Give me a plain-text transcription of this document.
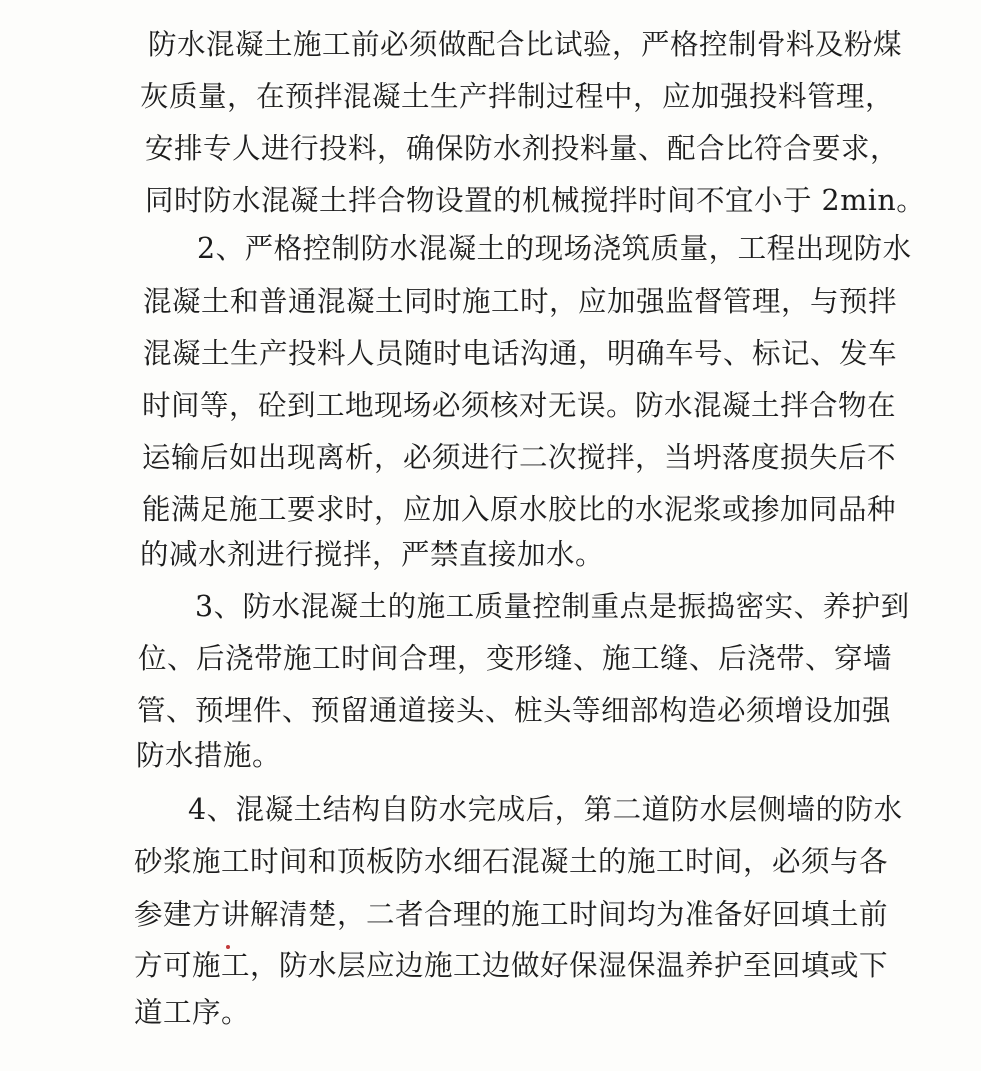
防水混凝土施工前必须做配合比试验，严格控制骨料及粉煤
灰质量，在预拌混凝土生产拌制过程中，应加强投料管理，
安排专人进行投料，确保防水剂投料量、配合比符合要求，
同时防水混凝土拌合物设置的机械搅拌时间不宜小于 2min。
2、严格控制防水混凝土的现场浇筑质量，工程出现防水
混凝土和普通混凝土同时施工时，应加强监督管理，与预拌
混凝土生产投料人员随时电话沟通，明确车号、标记、发车
时间等，砼到工地现场必须核对无误。防水混凝土拌合物在
运输后如出现离析，必须进行二次搅拌，当坍落度损失后不
能满足施工要求时，应加入原水胶比的水泥浆或掺加同品种
的减水剂进行搅拌，严禁直接加水。
3、防水混凝土的施工质量控制重点是振捣密实、养护到
位、后浇带施工时间合理，变形缝、施工缝、后浇带、穿墙
管、预埋件、预留通道接头、桩头等细部构造必须增设加强
防水措施。
4、混凝土结构自防水完成后，第二道防水层侧墙的防水
砂浆施工时间和顶板防水细石混凝土的施工时间，必须与各
参建方讲解清楚，二者合理的施工时间均为准备好回填土前
方可施工，防水层应边施工边做好保湿保温养护至回填或下
道工序。
